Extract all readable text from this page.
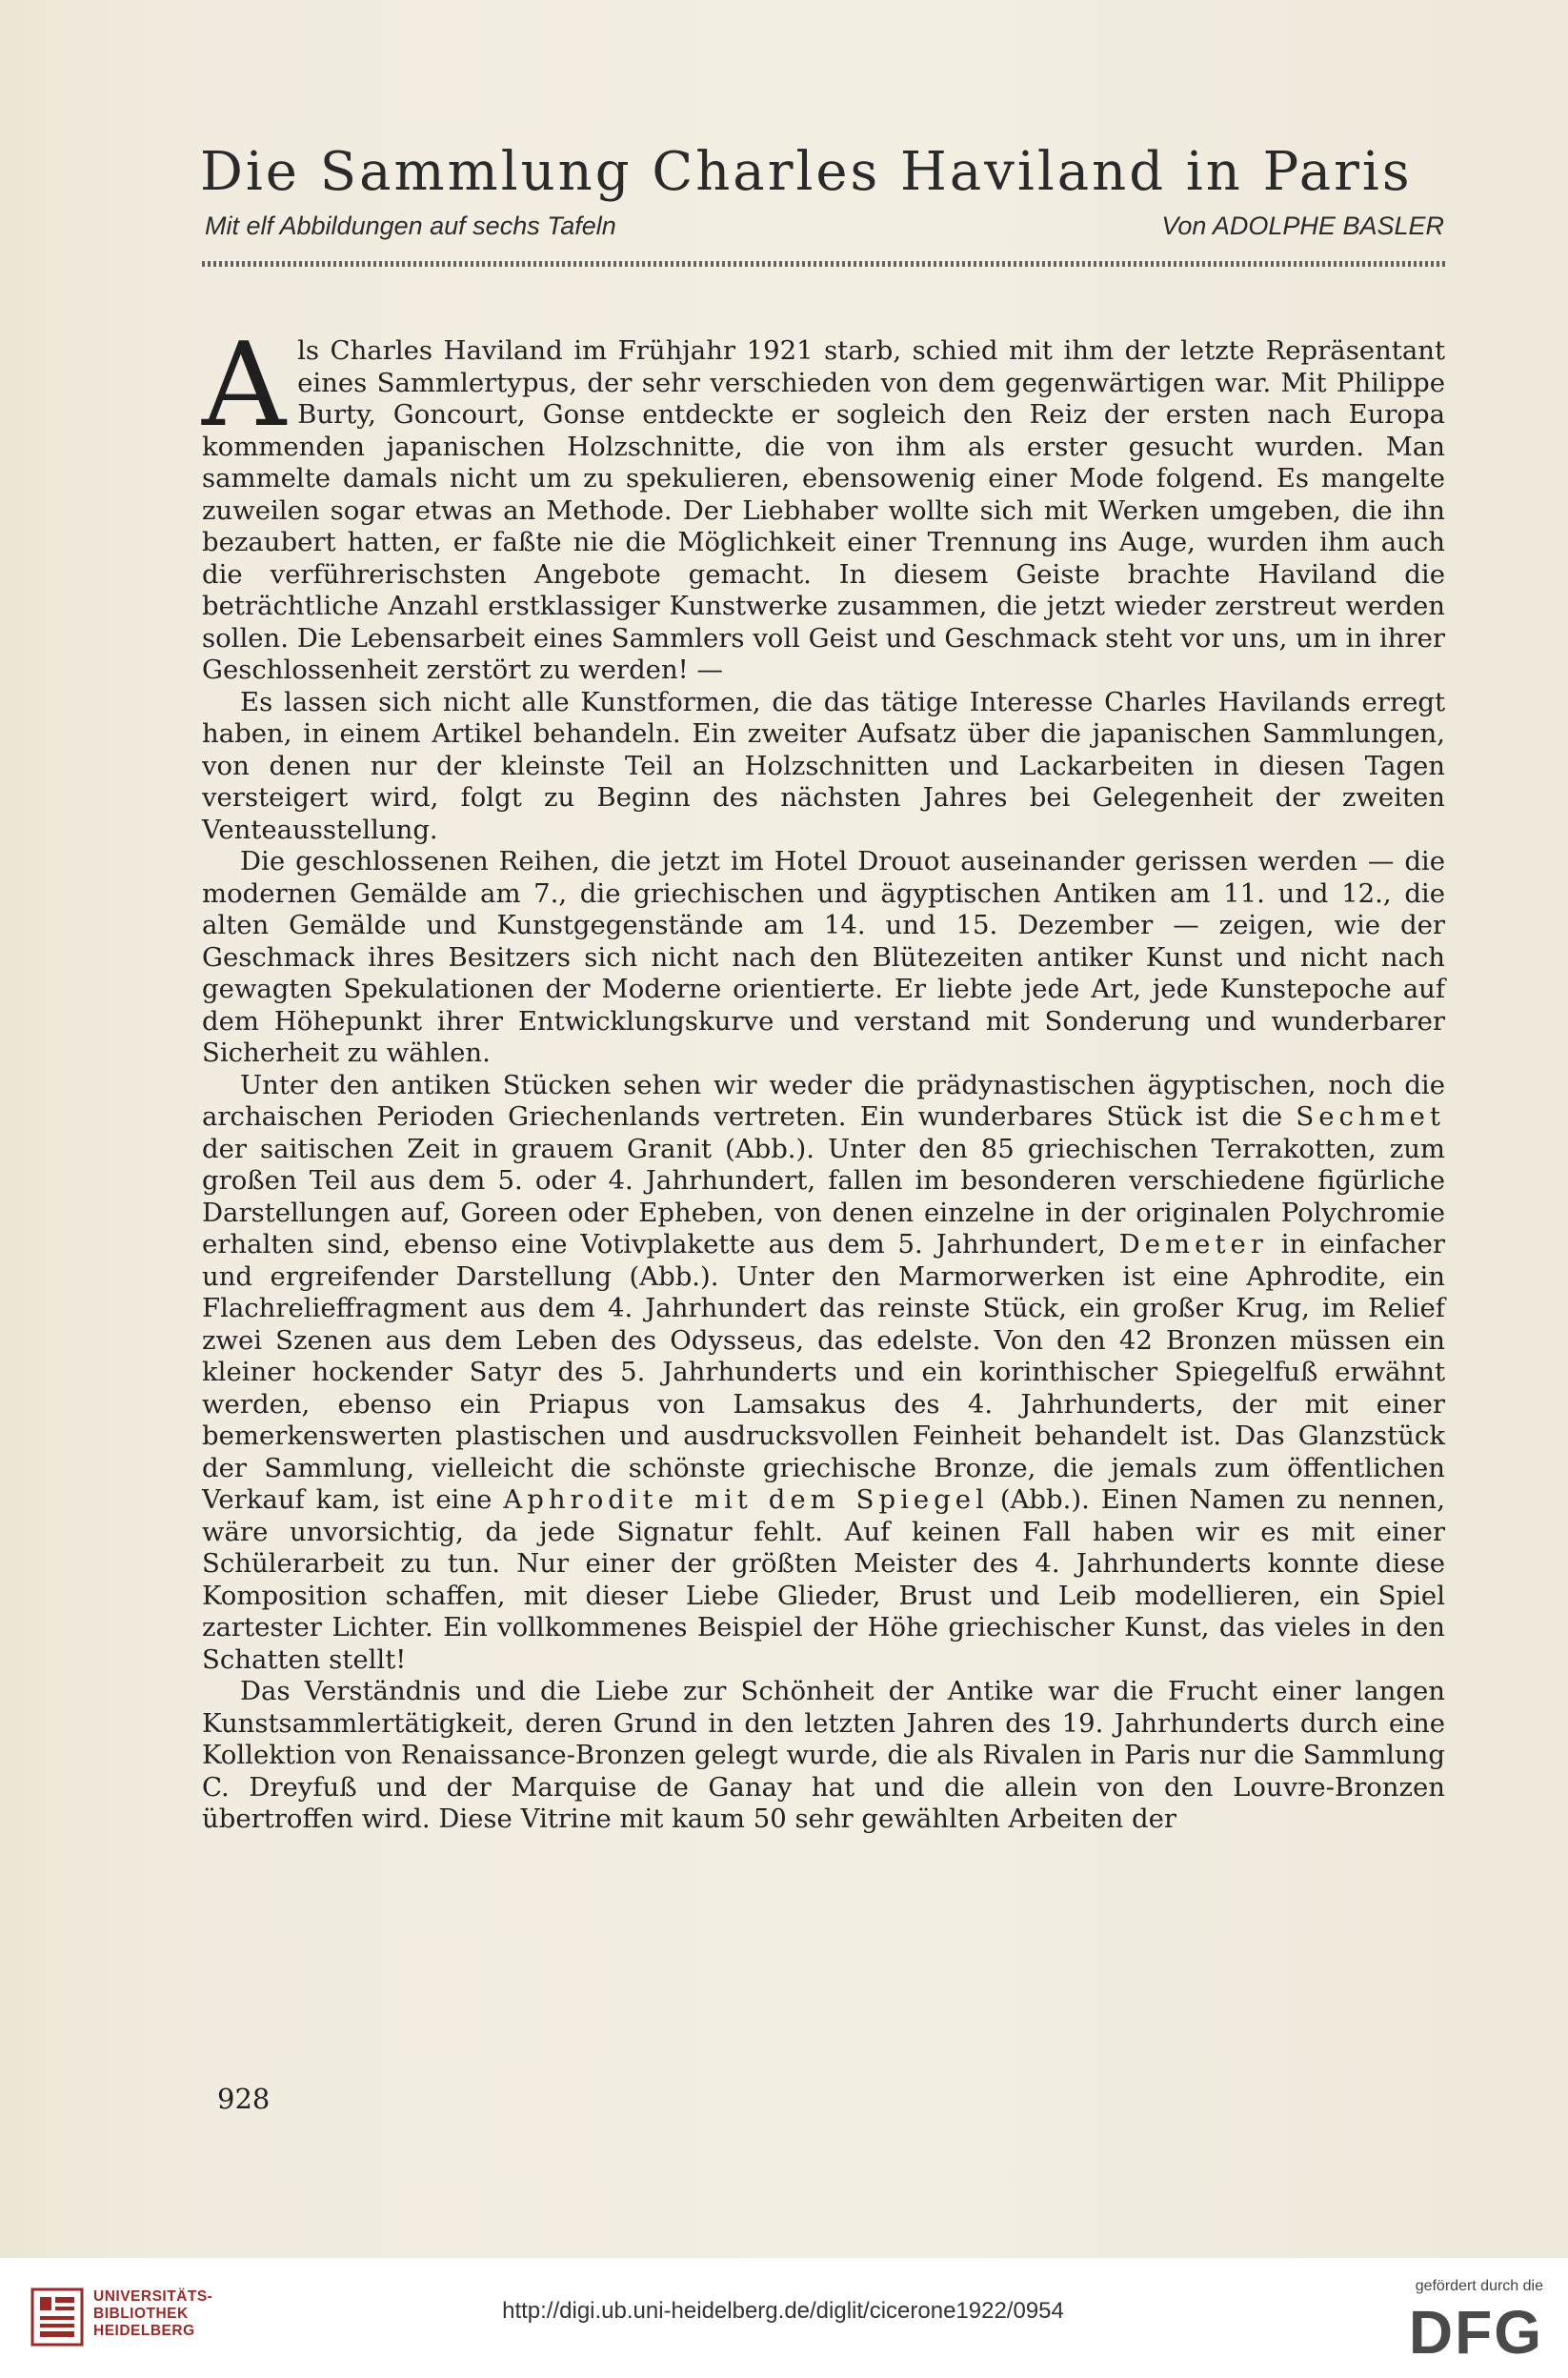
Die Sammlung Charles Haviland in Paris
Mit elf Abbildungen auf sechs Tafeln	Von ADOLPHE BASLER

Als Charles Haviland im Frühjahr 1921 starb, schied mit ihm der letzte Repräsentant eines Sammlertypus, der sehr verschieden von dem gegenwärtigen war. Mit Philippe Burty, Goncourt, Gonse entdeckte er sogleich den Reiz der ersten nach Europa kommenden japanischen Holzschnitte, die von ihm als erster gesucht wurden. Man sammelte damals nicht um zu spekulieren, ebensowenig einer Mode folgend. Es mangelte zuweilen sogar etwas an Methode. Der Liebhaber wollte sich mit Werken umgeben, die ihn bezaubert hatten, er faßte nie die Möglichkeit einer Trennung ins Auge, wurden ihm auch die verführerischsten Angebote gemacht. In diesem Geiste brachte Haviland die beträchtliche Anzahl erstklassiger Kunstwerke zusammen, die jetzt wieder zerstreut werden sollen. Die Lebensarbeit eines Sammlers voll Geist und Geschmack steht vor uns, um in ihrer Geschlossenheit zerstört zu werden! —

Es lassen sich nicht alle Kunstformen, die das tätige Interesse Charles Havilands erregt haben, in einem Artikel behandeln. Ein zweiter Aufsatz über die japanischen Sammlungen, von denen nur der kleinste Teil an Holzschnitten und Lackarbeiten in diesen Tagen versteigert wird, folgt zu Beginn des nächsten Jahres bei Gelegenheit der zweiten Venteausstellung.

Die geschlossenen Reihen, die jetzt im Hotel Drouot auseinander gerissen werden — die modernen Gemälde am 7., die griechischen und ägyptischen Antiken am 11. und 12., die alten Gemälde und Kunstgegenstände am 14. und 15. Dezember — zeigen, wie der Geschmack ihres Besitzers sich nicht nach den Blütezeiten antiker Kunst und nicht nach gewagten Spekulationen der Moderne orientierte. Er liebte jede Art, jede Kunstepoche auf dem Höhepunkt ihrer Entwicklungskurve und verstand mit Sonderung und wunderbarer Sicherheit zu wählen.

Unter den antiken Stücken sehen wir weder die prädynastischen ägyptischen, noch die archaischen Perioden Griechenlands vertreten. Ein wunderbares Stück ist die Sechmet der saitischen Zeit in grauem Granit (Abb.). Unter den 85 griechischen Terrakotten, zum großen Teil aus dem 5. oder 4. Jahrhundert, fallen im besonderen verschiedene figürliche Darstellungen auf, Goreen oder Epheben, von denen einzelne in der originalen Polychromie erhalten sind, ebenso eine Votivplakette aus dem 5. Jahrhundert, Demeter in einfacher und ergreifender Darstellung (Abb.). Unter den Marmorwerken ist eine Aphrodite, ein Flachrelieffragment aus dem 4. Jahrhundert das reinste Stück, ein großer Krug, im Relief zwei Szenen aus dem Leben des Odysseus, das edelste. Von den 42 Bronzen müssen ein kleiner hockender Satyr des 5. Jahrhunderts und ein korinthischer Spiegelfuß erwähnt werden, ebenso ein Priapus von Lamsakus des 4. Jahrhunderts, der mit einer bemerkenswerten plastischen und ausdrucksvollen Feinheit behandelt ist. Das Glanzstück der Sammlung, vielleicht die schönste griechische Bronze, die jemals zum öffentlichen Verkauf kam, ist eine Aphrodite mit dem Spiegel (Abb.). Einen Namen zu nennen, wäre unvorsichtig, da jede Signatur fehlt. Auf keinen Fall haben wir es mit einer Schülerarbeit zu tun. Nur einer der größten Meister des 4. Jahrhunderts konnte diese Komposition schaffen, mit dieser Liebe Glieder, Brust und Leib modellieren, ein Spiel zartester Lichter. Ein vollkommenes Beispiel der Höhe griechischer Kunst, das vieles in den Schatten stellt!

Das Verständnis und die Liebe zur Schönheit der Antike war die Frucht einer langen Kunstsammlertätigkeit, deren Grund in den letzten Jahren des 19. Jahrhunderts durch eine Kollektion von Renaissance-Bronzen gelegt wurde, die als Rivalen in Paris nur die Sammlung C. Dreyfuß und der Marquise de Ganay hat und die allein von den Louvre-Bronzen übertroffen wird. Diese Vitrine mit kaum 50 sehr gewählten Arbeiten der

928
UNIVERSITÄTS-
BIBLIOTHEK
HEIDELBERG
http://digi.ub.uni-heidelberg.de/diglit/cicerone1922/0954
gefördert durch die
DFG
